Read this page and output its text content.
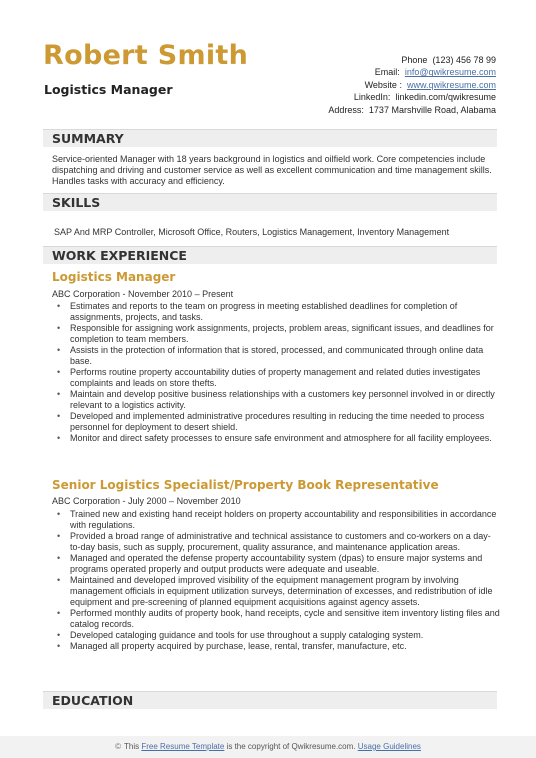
Robert Smith
Logistics Manager
Phone (123) 456 78 99
Email: info@qwikresume.com
Website : www.qwikresume.com
LinkedIn: linkedin.com/qwikresume
Address: 1737 Marshville Road, Alabama
SUMMARY

Service-oriented Manager with 18 years background in logistics and oilfield work. Core competencies include dispatching and driving and customer service as well as excellent communication and time management skills. Handles tasks with accuracy and efficiency.

SKILLS

SAP And MRP Controller, Microsoft Office, Routers, Logistics Management, Inventory Management

WORK EXPERIENCE
Logistics Manager
ABC Corporation - November 2010 – Present
• Estimates and reports to the team on progress in meeting established deadlines for completion of assignments, projects, and tasks.
• Responsible for assigning work assignments, projects, problem areas, significant issues, and deadlines for completion to team members.
• Assists in the protection of information that is stored, processed, and communicated through online data base.
• Performs routine property accountability duties of property management and related duties investigates complaints and leads on store thefts.
• Maintain and develop positive business relationships with a customers key personnel involved in or directly relevant to a logistics activity.
• Developed and implemented administrative procedures resulting in reducing the time needed to process personnel for deployment to desert shield.
• Monitor and direct safety processes to ensure safe environment and atmosphere for all facility employees.
Senior Logistics Specialist/Property Book Representative
ABC Corporation - July 2000 – November 2010
• Trained new and existing hand receipt holders on property accountability and responsibilities in accordance with regulations.
• Provided a broad range of administrative and technical assistance to customers and co-workers on a day-to-day basis, such as supply, procurement, quality assurance, and maintenance application areas.
• Managed and operated the defense property accountability system (dpas) to ensure major systems and programs operated properly and output products were adequate and useable.
• Maintained and developed improved visibility of the equipment management program by involving management officials in equipment utilization surveys, determination of excesses, and redistribution of idle equipment and pre-screening of planned equipment acquisitions against agency assets.
• Performed monthly audits of property book, hand receipts, cycle and sensitive item inventory listing files and catalog records.
• Developed cataloging guidance and tools for use throughout a supply cataloging system.
• Managed all property acquired by purchase, lease, rental, transfer, manufacture, etc.
EDUCATION
© This Free Resume Template is the copyright of Qwikresume.com. Usage Guidelines
